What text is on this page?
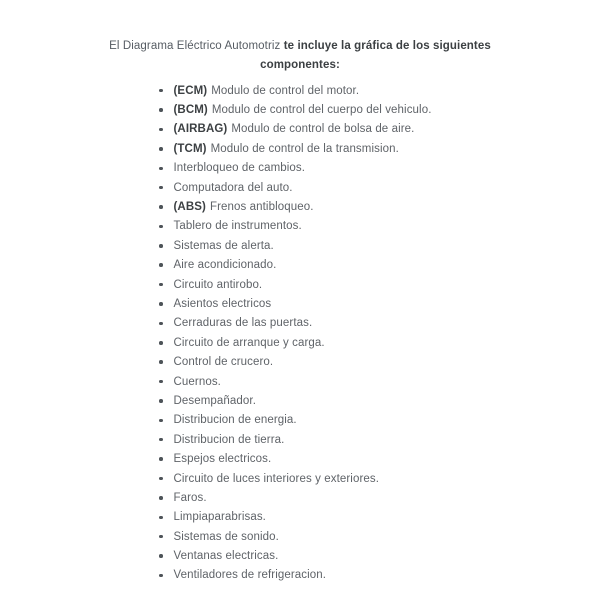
El Diagrama Eléctrico Automotriz te incluye la gráfica de los siguientes componentes:
(ECM) Modulo de control del motor.
(BCM) Modulo de control del cuerpo del vehiculo.
(AIRBAG) Modulo de control de bolsa de aire.
(TCM) Modulo de control de la transmision.
Interbloqueo de cambios.
Computadora del auto.
(ABS) Frenos antibloqueo.
Tablero de instrumentos.
Sistemas de alerta.
Aire acondicionado.
Circuito antirobo.
Asientos electricos
Cerraduras de las puertas.
Circuito de arranque y carga.
Control de crucero.
Cuernos.
Desempañador.
Distribucion de energia.
Distribucion de tierra.
Espejos electricos.
Circuito de luces interiores y exteriores.
Faros.
Limpiaparabrisas.
Sistemas de sonido.
Ventanas electricas.
Ventiladores de refrigeracion.
